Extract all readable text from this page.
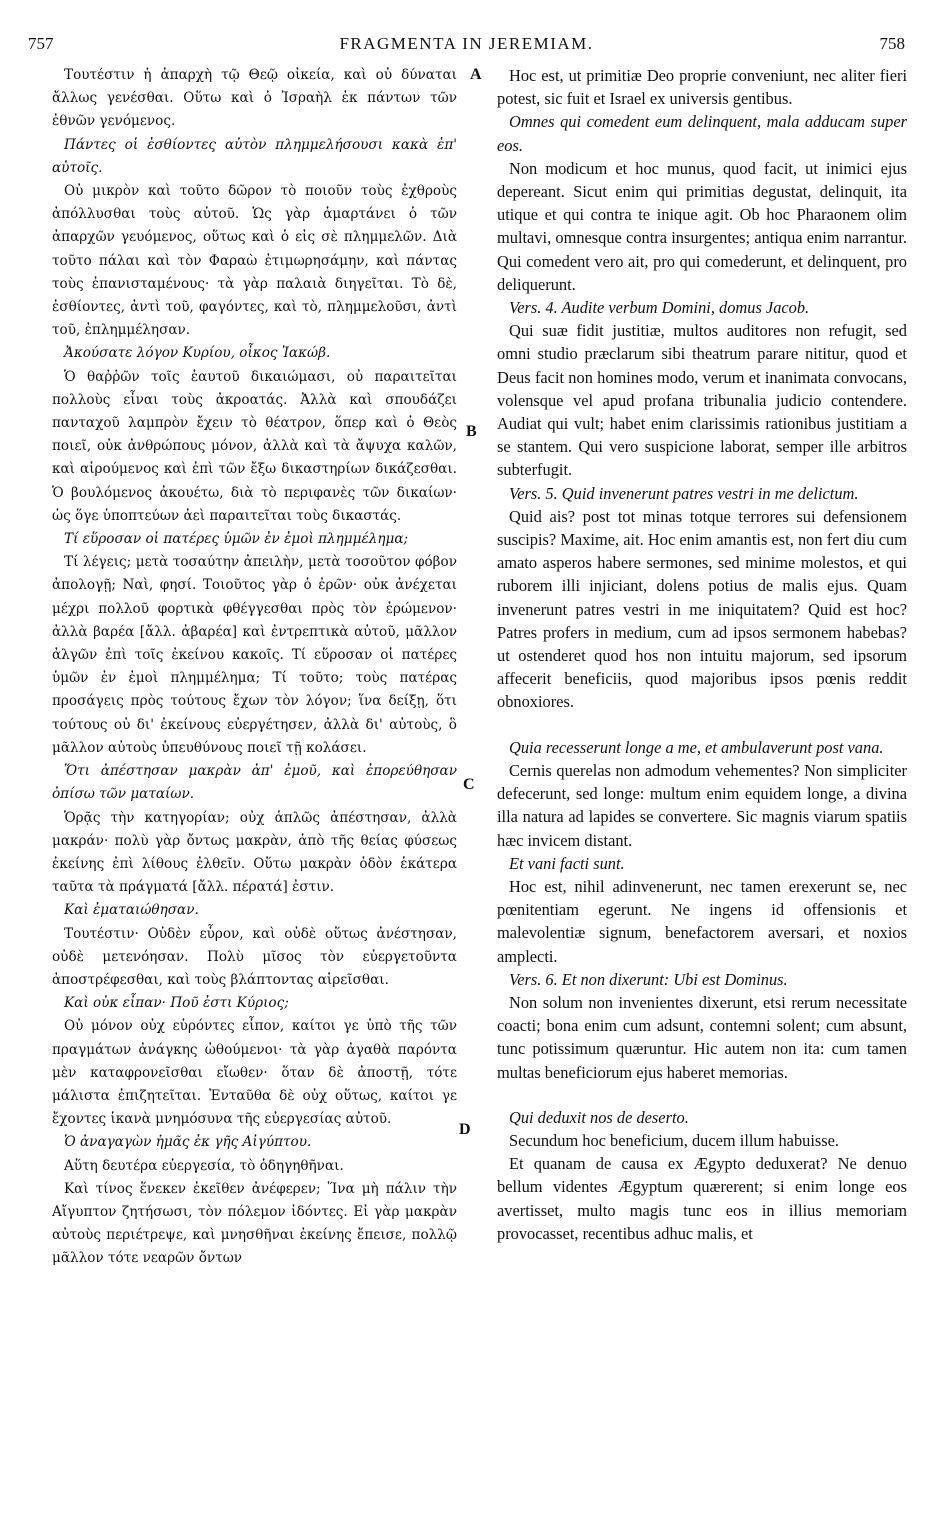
757	FRAGMENTA IN JEREMIAM.	758

Τουτέστιν ἡ ἀπαρχὴ τῷ Θεῷ οἰκεία, καὶ οὐ δύναται ἄλλως γενέσθαι. Οὕτω καὶ ὁ Ἰσραὴλ ἐκ πάντων τῶν ἐθνῶν γενόμενος.

Πάντες οἱ ἐσθίοντες αὐτὸν πλημμελήσουσι κακὰ ἐπ' αὐτοῖς.

Οὐ μικρὸν καὶ τοῦτο δῶρον τὸ ποιοῦν τοὺς ἐχθροὺς ἀπόλλυσθαι τοὺς αὐτοῦ. Ὡς γὰρ ἁμαρτάνει ὁ τῶν ἀπαρχῶν γευόμενος, οὕτως καὶ ὁ εἰς σὲ πλημμελῶν. Διὰ τοῦτο πάλαι καὶ τὸν Φαραὼ ἐτιμωρησάμην, καὶ πάντας τοὺς ἐπανισταμένους· τὰ γὰρ παλαιὰ διηγεῖται. Τὸ δὲ, ἐσθίοντες, ἀντὶ τοῦ, φαγόντες, καὶ τὸ, πλημμελοῦσι, ἀντὶ τοῦ, ἐπλημμέλησαν.

Ἀκούσατε λόγον Κυρίου, οἶκος Ἰακώβ.

Ὁ θαῤῥῶν τοῖς ἑαυτοῦ δικαιώμασι, οὐ παραιτεῖται πολλοὺς εἶναι τοὺς ἀκροατάς. Ἀλλὰ καὶ σπουδάζει πανταχοῦ λαμπρὸν ἔχειν τὸ θέατρον, ὅπερ καὶ ὁ Θεὸς ποιεῖ, οὐκ ἀνθρώπους μόνον, ἀλλὰ καὶ τὰ ἄψυχα καλῶν, καὶ αἱρούμενος καὶ ἐπὶ τῶν ἔξω δικαστηρίων δικάζεσθαι. Ὁ βουλόμενος ἀκουέτω, διὰ τὸ περιφανὲς τῶν δικαίων· ὡς ὅγε ὑποπτεύων ἀεὶ παραιτεῖται τοὺς δικαστάς.

Τί εὕροσαν οἱ πατέρες ὑμῶν ἐν ἐμοὶ πλημμέλημα;

Τί λέγεις; μετὰ τοσαύτην ἀπειλὴν, μετὰ τοσοῦτον φόβον ἀπολογῇ; Ναὶ, φησί. Τοιοῦτος γὰρ ὁ ἐρῶν· οὐκ ἀνέχεται μέχρι πολλοῦ φορτικὰ φθέγγεσθαι πρὸς τὸν ἐρώμενον· ἀλλὰ βαρέα [ἄλλ. ἀβαρέα] καὶ ἐντρεπτικὰ αὐτοῦ, μᾶλλον ἀλγῶν ἐπὶ τοῖς ἐκείνου κακοῖς. Τί εὕροσαν οἱ πατέρες ὑμῶν ἐν ἐμοὶ πλημμέλημα; Τί τοῦτο; τοὺς πατέρας προσάγεις πρὸς τούτους ἔχων τὸν λόγον; ἵνα δείξῃ, ὅτι τούτους οὐ δι' ἐκείνους εὐεργέτησεν, ἀλλὰ δι' αὐτοὺς, ὃ μᾶλλον αὐτοὺς ὑπευθύνους ποιεῖ τῇ κολάσει.

Ὅτι ἀπέστησαν μακρὰν ἀπ' ἐμοῦ, καὶ ἐπορεύθησαν ὀπίσω τῶν ματαίων.

Ὁρᾷς τὴν κατηγορίαν; οὐχ ἁπλῶς ἀπέστησαν, ἀλλὰ μακράν· πολὺ γὰρ ὄντως μακρὰν, ἀπὸ τῆς θείας φύσεως ἐκείνης ἐπὶ λίθους ἐλθεῖν. Οὕτω μακρὰν ὁδὸν ἑκάτερα ταῦτα τὰ πράγματά [ἄλλ. πέρατά] ἐστιν.

Καὶ ἐματαιώθησαν.

Τουτέστιν· Οὐδὲν εὗρον, καὶ οὐδὲ οὕτως ἀνέστησαν, οὐδὲ μετενόησαν. Πολὺ μῖσος τὸν εὐεργετοῦντα ἀποστρέφεσθαι, καὶ τοὺς βλάπτοντας αἱρεῖσθαι.

Καὶ οὐκ εἶπαν· Ποῦ ἐστι Κύριος;

Οὐ μόνον οὐχ εὑρόντες εἶπον, καίτοι γε ὑπὸ τῆς τῶν πραγμάτων ἀνάγκης ὠθούμενοι· τὰ γὰρ ἀγαθὰ παρόντα μὲν καταφρονεῖσθαι εἴωθεν· ὅταν δὲ ἀποστῇ, τότε μάλιστα ἐπιζητεῖται. Ἐνταῦθα δὲ οὐχ οὕτως, καίτοι γε ἔχοντες ἱκανὰ μνημόσυνα τῆς εὐεργεσίας αὐτοῦ.

Ὁ ἀναγαγὼν ἡμᾶς ἐκ γῆς Αἰγύπτου.

Αὕτη δευτέρα εὐεργεσία, τὸ ὁδηγηθῆναι.

Καὶ τίνος ἕνεκεν ἐκεῖθεν ἀνέφερεν; Ἵνα μὴ πάλιν τὴν Αἴγυπτον ζητήσωσι, τὸν πόλεμον ἰδόντες. Εἰ γὰρ μακρὰν αὐτοὺς περιέτρεψε, καὶ μνησθῆναι ἐκείνης ἔπεισε, πολλῷ μᾶλλον τότε νεαρῶν ὄντων

Hoc est, ut primitiæ Deo proprie conveniunt, nec aliter fieri potest, sic fuit et Israel ex universis gentibus.

Omnes qui comedent eum delinquent, mala adducam super eos.

Non modicum et hoc munus, quod facit, ut inimici ejus depereant. Sicut enim qui primitias degustat, delinquit, ita utique et qui contra te inique agit. Ob hoc Pharaonem olim multavi, omnesque contra insurgentes; antiqua enim narrantur. Qui comedent vero ait, pro qui comederunt, et delinquent, pro deliquerunt.

Vers. 4. Audite verbum Domini, domus Jacob.

Qui suæ fidit justitiæ, multos auditores non refugit, sed omni studio præclarum sibi theatrum parare nititur, quod et Deus facit non homines modo, verum et inanimata convocans, volensque vel apud profana tribunalia judicio contendere. Audiat qui vult; habet enim clarissimis rationibus justitiam a se stantem. Qui vero suspicione laborat, semper ille arbitros subterfugit.

Vers. 5. Quid invenerunt patres vestri in me delictum.

Quid ais? post tot minas totque terrores sui defensionem suscipis? Maxime, ait. Hoc enim amantis est, non fert diu cum amato asperos habere sermones, sed minime molestos, et qui ruborem illi injiciant, dolens potius de malis ejus. Quam invenerunt patres vestri in me iniquitatem? Quid est hoc? Patres profers in medium, cum ad ipsos sermonem habebas? ut ostenderet quod hos non intuitu majorum, sed ipsorum affecerit beneficiis, quod majoribus ipsos pœnis reddit obnoxiores.

Quia recesserunt longe a me, et ambulaverunt post vana.

Cernis querelas non admodum vehementes? Non simpliciter defecerunt, sed longe: multum enim equidem longe, a divina illa natura ad lapides se convertere. Sic magnis viarum spatiis hæc invicem distant.

Et vani facti sunt.

Hoc est, nihil adinvenerunt, nec tamen erexerunt se, nec pœnitentiam egerunt. Ne ingens id offensionis et malevolentiæ signum, benefactorem aversari, et noxios amplecti.

Vers. 6. Et non dixerunt: Ubi est Dominus.

Non solum non invenientes dixerunt, etsi rerum necessitate coacti; bona enim cum adsunt, contemni solent; cum absunt, tunc potissimum quæruntur. Hic autem non ita: cum tamen multas beneficiorum ejus haberet memorias.

Qui deduxit nos de deserto.

Secundum hoc beneficium, ducem illum habuisse.

Et quanam de causa ex Ægypto deduxerat? Ne denuo bellum videntes Ægyptum quærerent; si enim longe eos avertisset, multo magis tunc eos in illius memoriam provocasset, recentibus adhuc malis, et

A
B
C
D
